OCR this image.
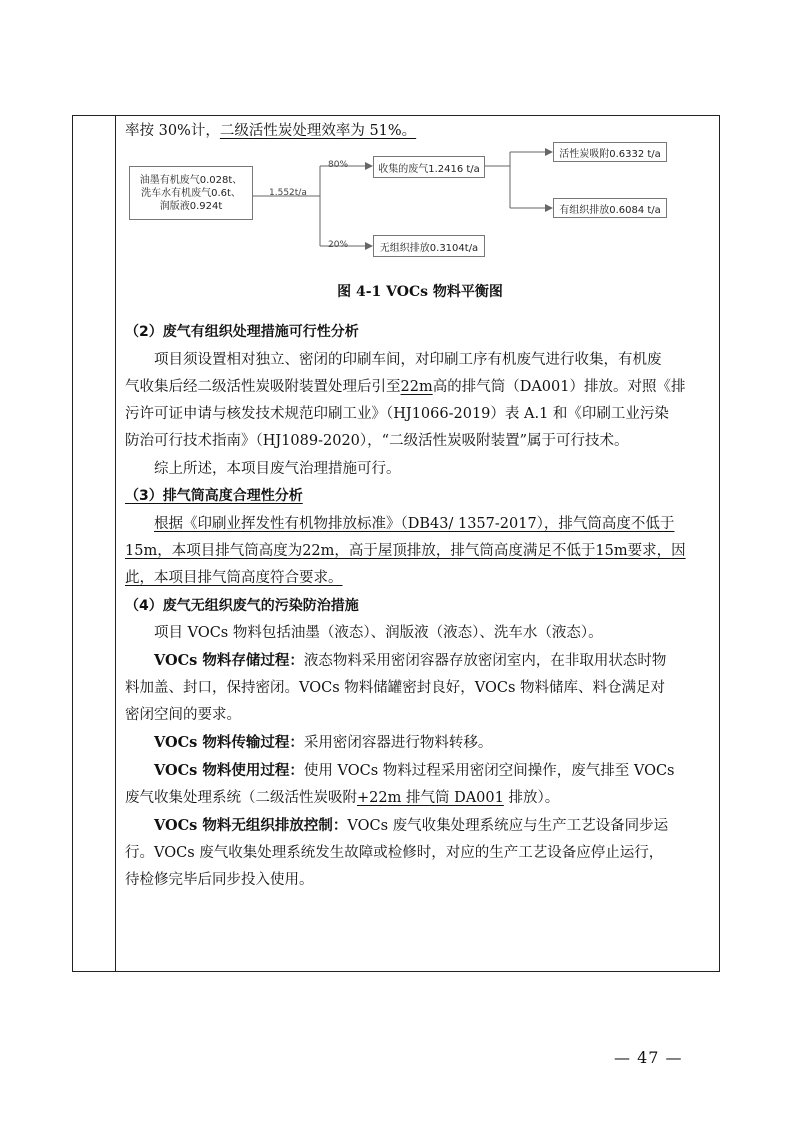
率按 30%计，二级活性炭处理效率为 51%。
油墨有机废气0.028t、
洗车水有机废气0.6t、
润版液0.924t
1.552t/a
80%
20%
收集的废气1.2416 t/a
无组织排放0.3104t/a
活性炭吸附0.6332 t/a
有组织排放0.6084 t/a
图 4-1 VOCs 物料平衡图
（2）废气有组织处理措施可行性分析
项目须设置相对独立、密闭的印刷车间，对印刷工序有机废气进行收集，有机废
气收集后经二级活性炭吸附装置处理后引至22m高的排气筒（DA001）排放。对照《排
污许可证申请与核发技术规范印刷工业》（HJ1066-2019）表 A.1 和《印刷工业污染
防治可行技术指南》（HJ1089-2020），“二级活性炭吸附装置”属于可行技术。
综上所述，本项目废气治理措施可行。
（3）排气筒高度合理性分析
根据《印刷业挥发性有机物排放标准》（DB43/ 1357-2017），排气筒高度不低于
15m，本项目排气筒高度为22m，高于屋顶排放，排气筒高度满足不低于15m要求，因
此，本项目排气筒高度符合要求。
（4）废气无组织废气的污染防治措施
项目 VOCs 物料包括油墨（液态）、润版液（液态）、洗车水（液态）。
VOCs 物料存储过程：液态物料采用密闭容器存放密闭室内，在非取用状态时物
料加盖、封口，保持密闭。VOCs 物料储罐密封良好，VOCs 物料储库、料仓满足对
密闭空间的要求。
VOCs 物料传输过程：采用密闭容器进行物料转移。
VOCs 物料使用过程：使用 VOCs 物料过程采用密闭空间操作，废气排至 VOCs
废气收集处理系统（二级活性炭吸附+22m 排气筒 DA001 排放）。
VOCs 物料无组织排放控制：VOCs 废气收集处理系统应与生产工艺设备同步运
行。VOCs 废气收集处理系统发生故障或检修时，对应的生产工艺设备应停止运行，
待检修完毕后同步投入使用。
— 47 —
